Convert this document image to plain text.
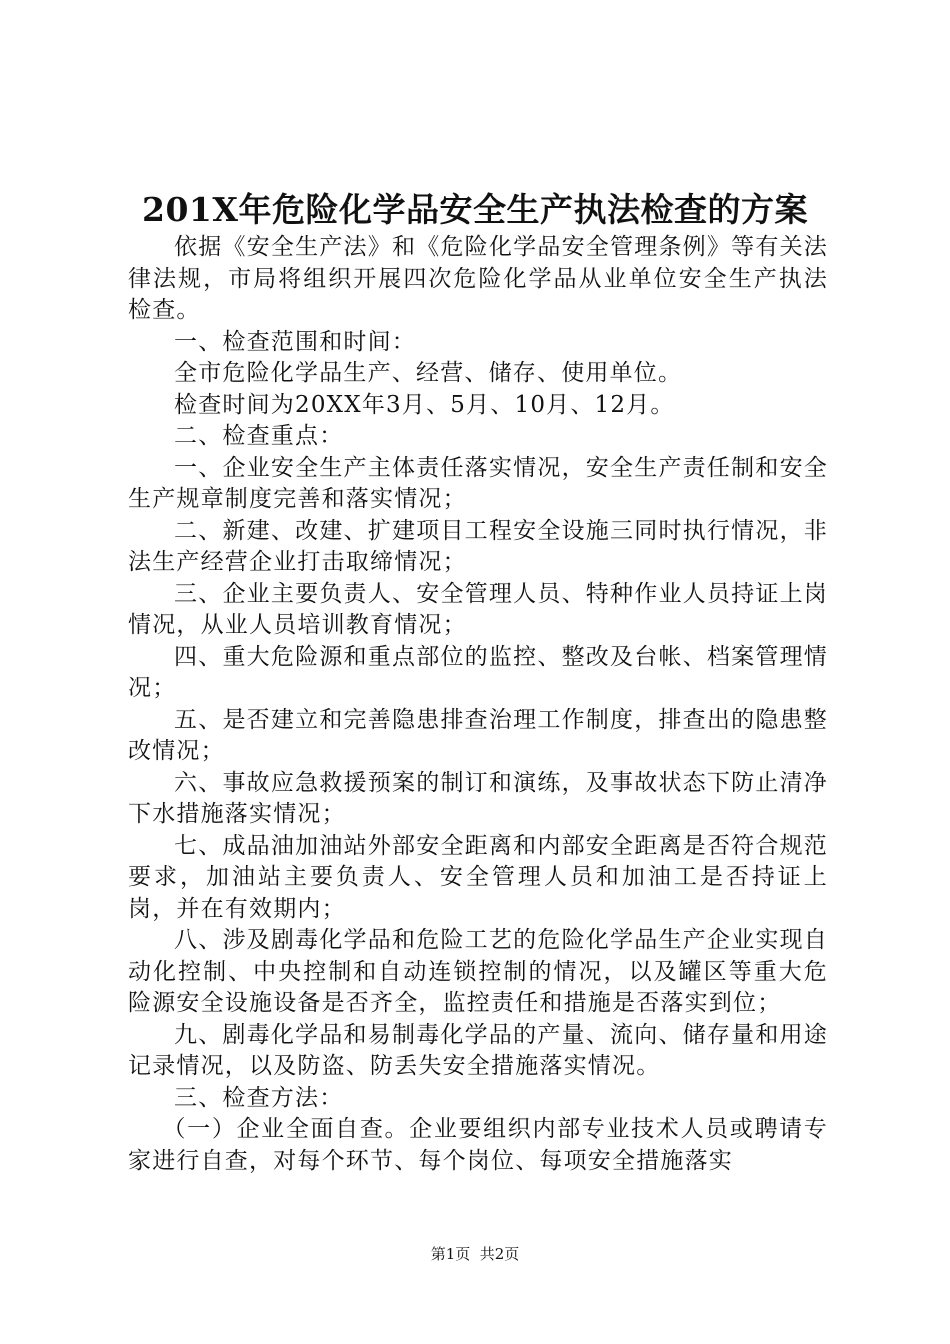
201X年危险化学品安全生产执法检查的方案

依据《安全生产法》和《危险化学品安全管理条例》等有关法律法规，市局将组织开展四次危险化学品从业单位安全生产执法检查。

一、检查范围和时间：

全市危险化学品生产、经营、储存、使用单位。

检查时间为20XX年3月、5月、10月、12月。

二、检查重点：

一、企业安全生产主体责任落实情况，安全生产责任制和安全生产规章制度完善和落实情况；

二、新建、改建、扩建项目工程安全设施三同时执行情况，非法生产经营企业打击取缔情况；

三、企业主要负责人、安全管理人员、特种作业人员持证上岗情况，从业人员培训教育情况；

四、重大危险源和重点部位的监控、整改及台帐、档案管理情况；

五、是否建立和完善隐患排查治理工作制度，排查出的隐患整改情况；

六、事故应急救援预案的制订和演练，及事故状态下防止清净下水措施落实情况；

七、成品油加油站外部安全距离和内部安全距离是否符合规范要求，加油站主要负责人、安全管理人员和加油工是否持证上岗，并在有效期内；

八、涉及剧毒化学品和危险工艺的危险化学品生产企业实现自动化控制、中央控制和自动连锁控制的情况，以及罐区等重大危险源安全设施设备是否齐全，监控责任和措施是否落实到位；

九、剧毒化学品和易制毒化学品的产量、流向、储存量和用途记录情况，以及防盗、防丢失安全措施落实情况。

三、检查方法：

（一）企业全面自查。企业要组织内部专业技术人员或聘请专家进行自查，对每个环节、每个岗位、每项安全措施落实

第1页  共2页
